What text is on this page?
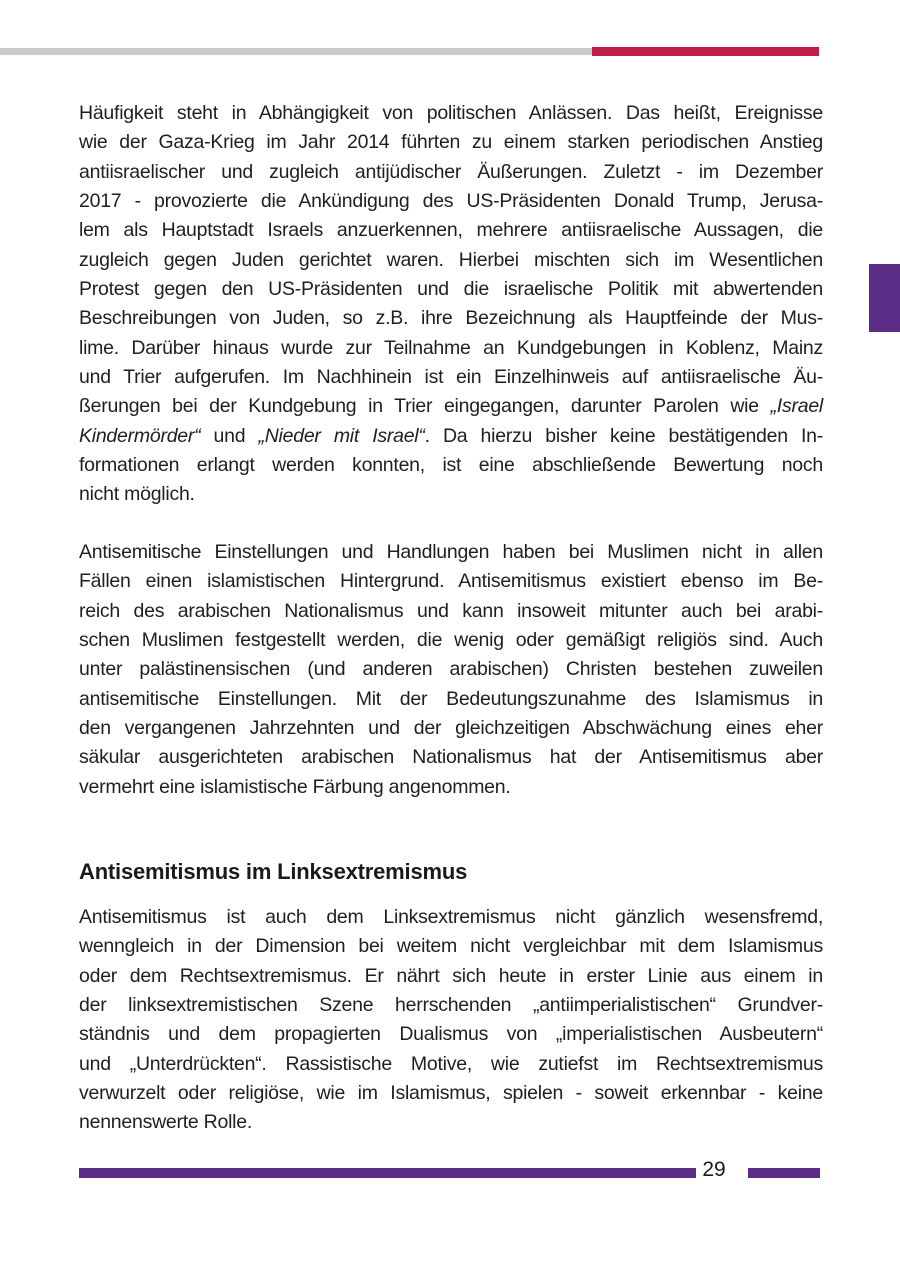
Häufigkeit steht in Abhängigkeit von politischen Anlässen. Das heißt, Ereignisse
wie der Gaza-Krieg im Jahr 2014 führten zu einem starken periodischen Anstieg
antiisraelischer und zugleich antijüdischer Äußerungen. Zuletzt - im Dezember
2017 - provozierte die Ankündigung des US-Präsidenten Donald Trump, Jerusa-
lem als Hauptstadt Israels anzuerkennen, mehrere antiisraelische Aussagen, die
zugleich gegen Juden gerichtet waren. Hierbei mischten sich im Wesentlichen
Protest gegen den US-Präsidenten und die israelische Politik mit abwertenden
Beschreibungen von Juden, so z.B. ihre Bezeichnung als Hauptfeinde der Mus-
lime. Darüber hinaus wurde zur Teilnahme an Kundgebungen in Koblenz, Mainz
und Trier aufgerufen. Im Nachhinein ist ein Einzelhinweis auf antiisraelische Äu-
ßerungen bei der Kundgebung in Trier eingegangen, darunter Parolen wie „Israel
Kindermörder“ und „Nieder mit Israel“. Da hierzu bisher keine bestätigenden In-
formationen erlangt werden konnten, ist eine abschließende Bewertung noch
nicht möglich.
Antisemitische Einstellungen und Handlungen haben bei Muslimen nicht in allen
Fällen einen islamistischen Hintergrund. Antisemitismus existiert ebenso im Be-
reich des arabischen Nationalismus und kann insoweit mitunter auch bei arabi-
schen Muslimen festgestellt werden, die wenig oder gemäßigt religiös sind. Auch
unter palästinensischen (und anderen arabischen) Christen bestehen zuweilen
antisemitische Einstellungen. Mit der Bedeutungszunahme des Islamismus in
den vergangenen Jahrzehnten und der gleichzeitigen Abschwächung eines eher
säkular ausgerichteten arabischen Nationalismus hat der Antisemitismus aber
vermehrt eine islamistische Färbung angenommen.
Antisemitismus im Linksextremismus
Antisemitismus ist auch dem Linksextremismus nicht gänzlich wesensfremd,
wenngleich in der Dimension bei weitem nicht vergleichbar mit dem Islamismus
oder dem Rechtsextremismus. Er nährt sich heute in erster Linie aus einem in
der linksextremistischen Szene herrschenden „antiimperialistischen“ Grundver-
ständnis und dem propagierten Dualismus von „imperialistischen Ausbeutern“
und „Unterdrückten“. Rassistische Motive, wie zutiefst im Rechtsextremismus
verwurzelt oder religiöse, wie im Islamismus, spielen - soweit erkennbar - keine
nennenswerte Rolle.
29
